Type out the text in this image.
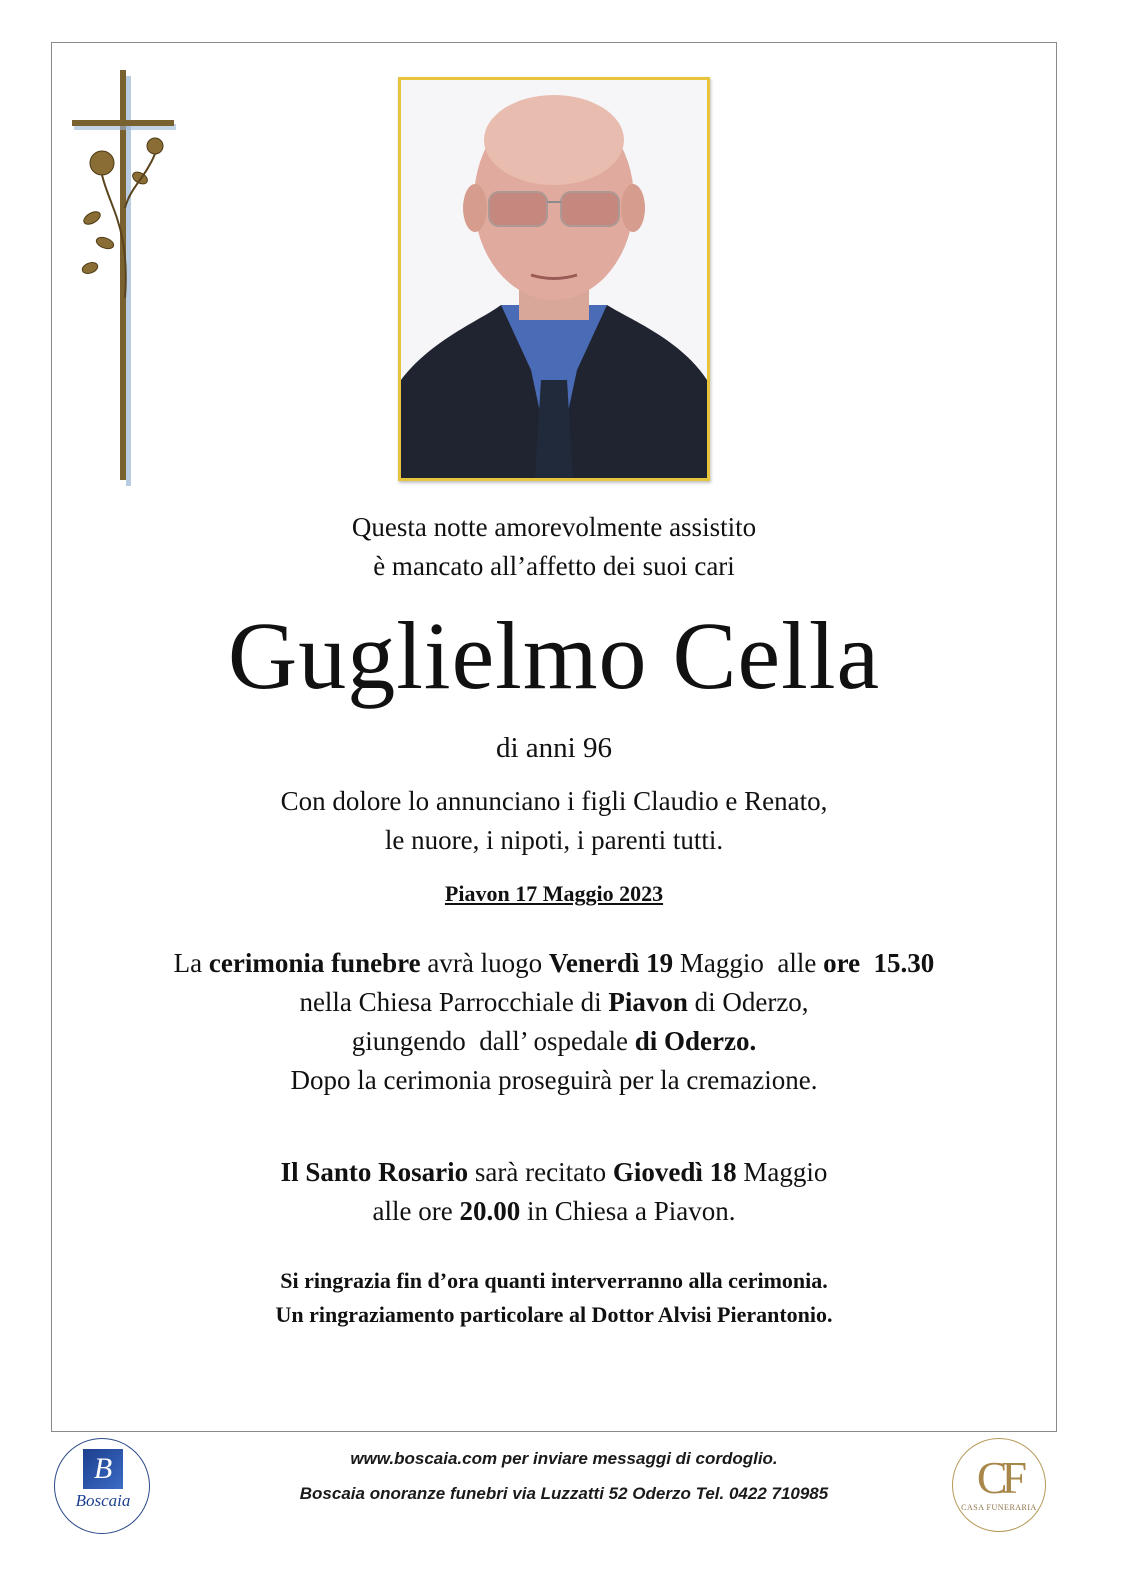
Questa notte amorevolmente assistito
è mancato all’affetto dei suoi cari
Guglielmo Cella
di anni 96
Con dolore lo annunciano i figli Claudio e Renato,
le nuore, i nipoti, i parenti tutti.
Piavon 17 Maggio 2023
La cerimonia funebre avrà luogo Venerdì 19 Maggio  alle ore  15.30
nella Chiesa Parrocchiale di Piavon di Oderzo,
giungendo  dall’ ospedale di Oderzo.
Dopo la cerimonia proseguirà per la cremazione.
Il Santo Rosario sarà recitato Giovedì 18 Maggio
alle ore 20.00 in Chiesa a Piavon.
Si ringrazia fin d’ora quanti interverranno alla cerimonia.
Un ringraziamento particolare al Dottor Alvisi Pierantonio.
B
Boscaia
www.boscaia.com per inviare messaggi di cordoglio.
Boscaia onoranze funebri via Luzzatti 52 Oderzo Tel. 0422 710985	CF
CASA FUNERARIA
